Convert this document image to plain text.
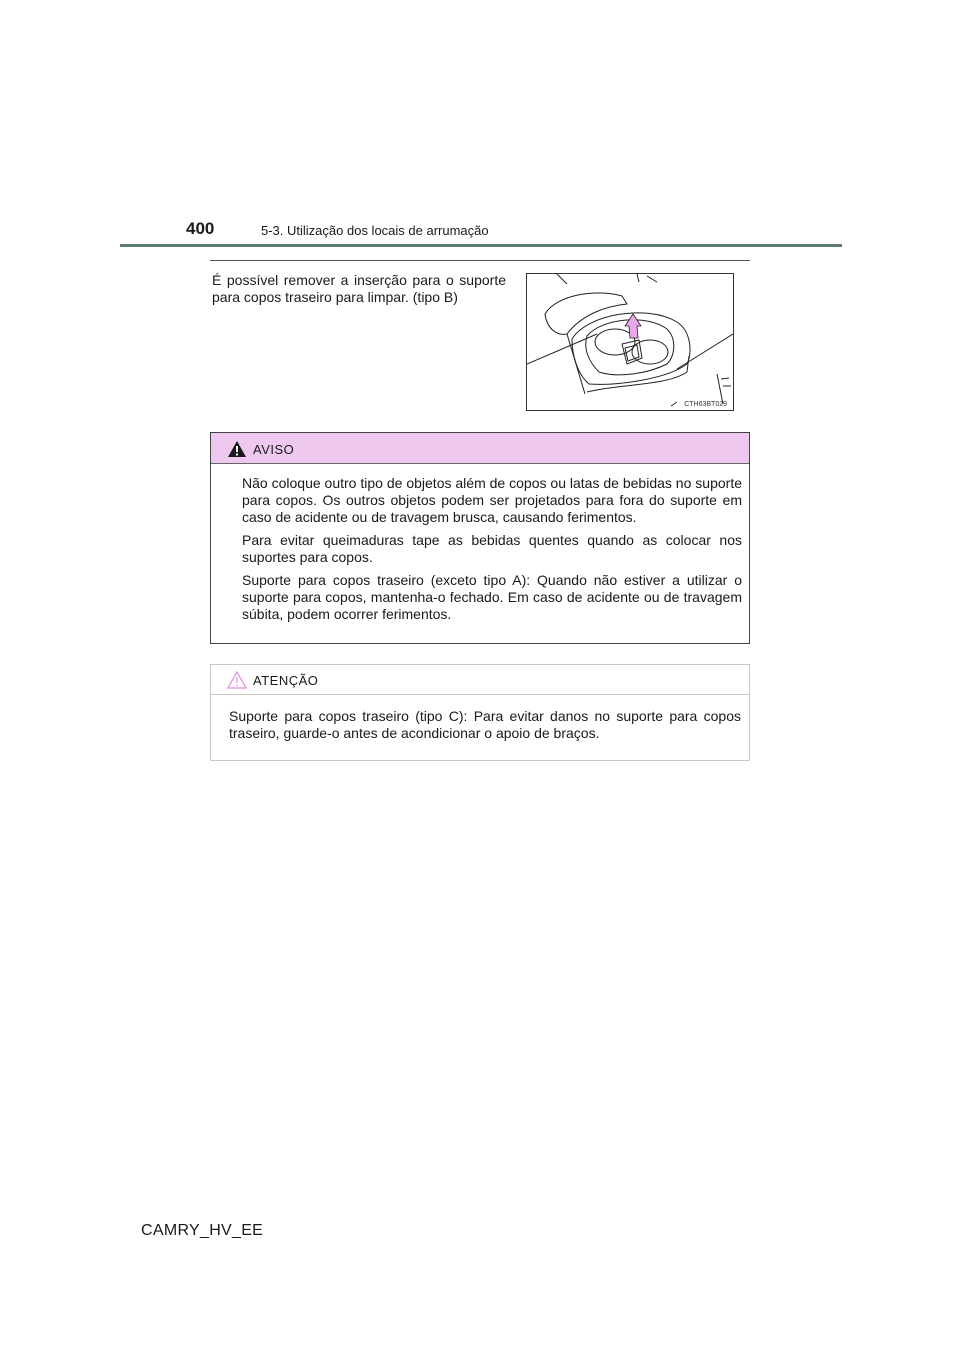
400	5-3. Utilização dos locais de arrumação
É possível remover a inserção para o suporte para copos traseiro para limpar. (tipo B)
CTH63BT029
AVISO
Não coloque outro tipo de objetos além de copos ou latas de bebidas no suporte para copos. Os outros objetos podem ser projetados para fora do suporte em caso de acidente ou de travagem brusca, causando ferimentos.
Para evitar queimaduras tape as bebidas quentes quando as colocar nos suportes para copos.
Suporte para copos traseiro (exceto tipo A): Quando não estiver a utilizar o suporte para copos, mantenha-o fechado. Em caso de acidente ou de travagem súbita, podem ocorrer ferimentos.
ATENÇÃO
Suporte para copos traseiro (tipo C): Para evitar danos no suporte para copos traseiro, guarde-o antes de acondicionar o apoio de braços.
CAMRY_HV_EE
